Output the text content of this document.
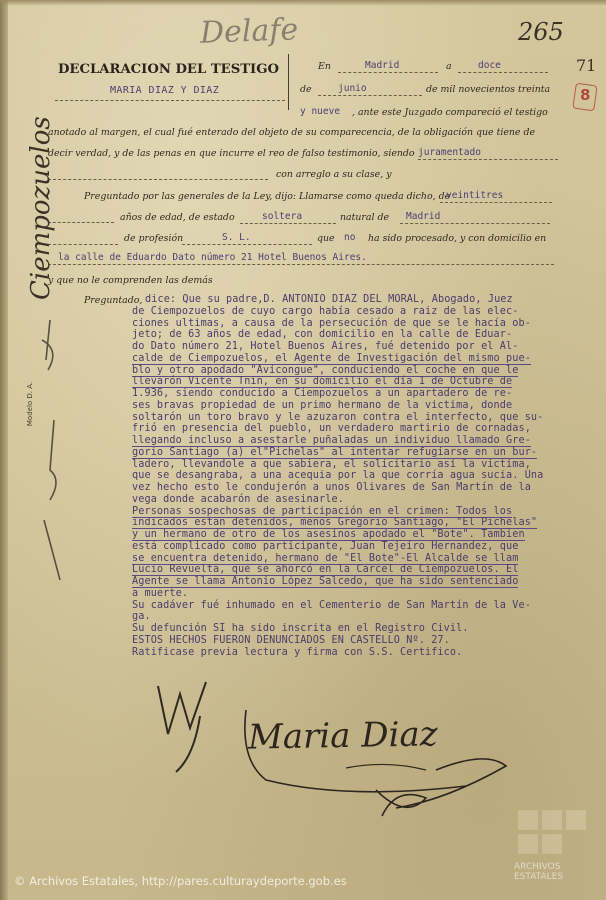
Delafe	265
71
8
DECLARACION DEL TESTIGO
MARIA DIAZ Y DIAZ
En	Madrid	a	doce
de	junio	de mil novecientos treinta
y nueve , ante este Juzgado compareció el testigo
anotado al margen, el cual fué enterado del objeto de su comparecencia, de la obligación que tiene de
decir verdad, y de las penas en que incurre el reo de falso testimonio, siendo juramentado
con arreglo a su clase, y
Preguntado por las generales de la Ley, dijo: Llamarse como queda dicho, de
veintitres
años de edad, de estado	soltera	natural de Madrid
de profesión	S. L.	que no ha sido procesado, y con domicilio en
la calle de Eduardo Dato número 21 Hotel Buenos Aires.
y que no le comprenden las demás
Preguntado, dice: Que su padre,D. ANTONIO DIAZ DEL MORAL, Abogado, Juez
de Ciempozuelos de cuyo cargo había cesado a raiz de las elec-
ciones ultimas, a causa de la persecución de que se le hacía ob-
jeto; de 63 años de edad, con domicilio en la calle de Eduar-
do Dato número 21, Hotel Buenos Aires, fué detenido por el Al-
calde de Ciempozuelos, el Agente de Investigación del mismo pue-
blo y otro apodado "Avicongue", conduciendo el coche en que le
llevarón Vicente Tnin, en su domicilio el día 1 de Octubre de
1.936, siendo conducido a Ciempozuelos a un apartadero de re-
ses bravas propiedad de un primo hermano de la victima, donde
soltarón un toro bravo y le azuzaron contra el interfecto, que su-
frió en presencia del pueblo, un verdadero martirio de cornadas,
llegando incluso a asestarle puñaladas un individuo llamado Gre-
gorio Santiago (a) el"Pichelas" al intentar refugiarse en un bur-
ladero, llevandole a que sabiera, el solicitario así la victima,
que se desangraba, a una acequia por la que corría agua sucia. Una
vez hecho esto le condujerón a unos Olivares de San Martín de la
vega donde acabarón de asesinarle.
Personas sospechosas de participación en el crimen: Todos los
indicados estan detenidos, menos Gregorio Santiago, "El Pichelas"
y un hermano de otro de los asesinos apodado el "Bote". Tambien
está complicado como participante, Juan Tejeiro Hernandez, que
se encuentra detenido, hermano de "El Bote"-El Alcalde se llam
Lucio Revuelta, que se ahorcó en la Carcel de Ciempozuelos. El
Agente se llama Antonio López Salcedo, que ha sido sentenciado
a muerte.
Su cadáver fué inhumado en el Cementerio de San Martín de la Ve-
ga.
Su defunción SI ha sido inscrita en el Registro Civil.
ESTOS HECHOS FUERON DENUNCIADOS EN CASTELLO Nº. 27.
Ratificase previa lectura y firma con S.S. Certifico.
Ciempozuelos
Modelo D. A.
Maria Diaz
ARCHIVOS ESTATALES
© Archivos Estatales, http://pares.culturaydeporte.gob.es
